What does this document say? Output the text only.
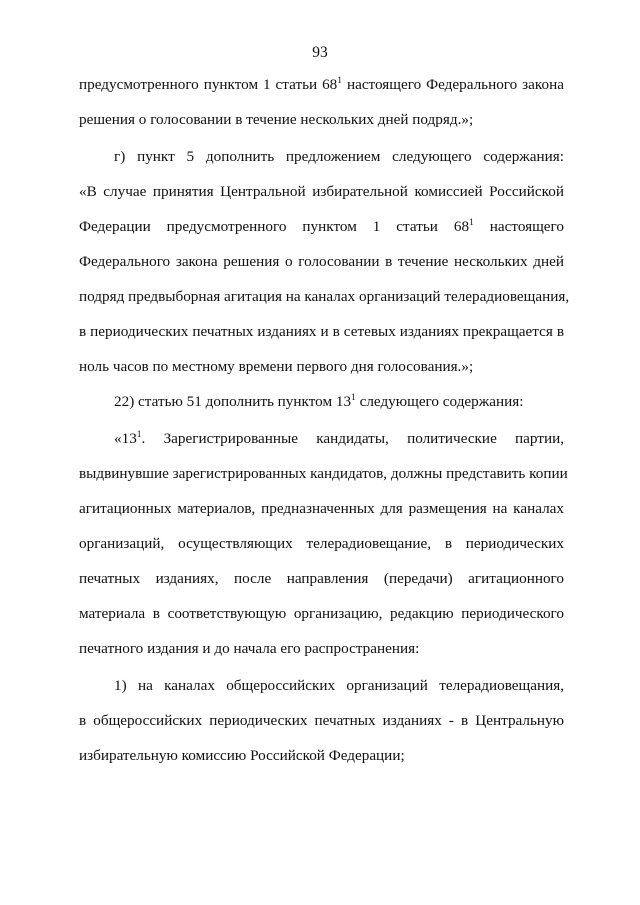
93
предусмотренного пунктом 1 статьи $68^1$ настоящего Федерального закона
решения о голосовании в течение нескольких дней подряд.»;
г) пункт 5 дополнить предложением следующего содержания:
«В случае принятия Центральной избирательной комиссией Российской
Федерации предусмотренного пунктом 1 статьи $68^1$ настоящего
Федерального закона решения о голосовании в течение нескольких дней
подряд предвыборная агитация на каналах организаций телерадиовещания,
в периодических печатных изданиях и в сетевых изданиях прекращается в
ноль часов по местному времени первого дня голосования.»;
22) статью 51 дополнить пунктом $13^1$ следующего содержания:
«$13^1$. Зарегистрированные кандидаты, политические партии,
выдвинувшие зарегистрированных кандидатов, должны представить копии
агитационных материалов, предназначенных для размещения на каналах
организаций, осуществляющих телерадиовещание, в периодических
печатных изданиях, после направления (передачи) агитационного
материала в соответствующую организацию, редакцию периодического
печатного издания и до начала его распространения:
1) на каналах общероссийских организаций телерадиовещания,
в общероссийских периодических печатных изданиях - в Центральную
избирательную комиссию Российской Федерации;
